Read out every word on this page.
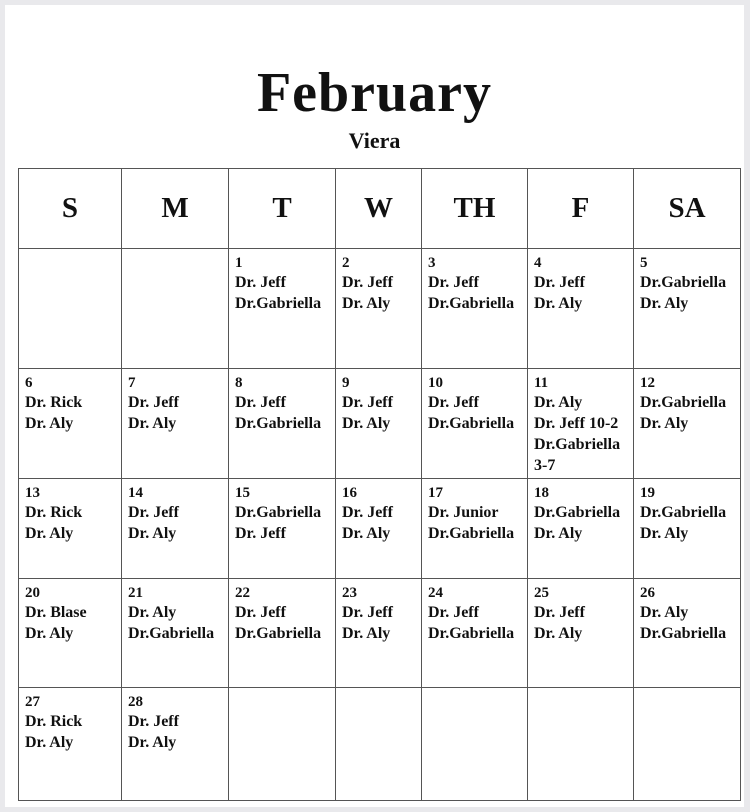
February
Viera
S	M	T	W	TH	F	SA

		1
Dr. Jeff
Dr.Gabriella	2
Dr. Jeff
Dr. Aly	3
Dr. Jeff
Dr.Gabriella	4
Dr. Jeff
Dr. Aly	5
Dr.Gabriella
Dr. Aly

6
Dr. Rick
Dr. Aly	7
Dr. Jeff
Dr. Aly	8
Dr. Jeff
Dr.Gabriella	9
Dr. Jeff
Dr. Aly	10
Dr. Jeff
Dr.Gabriella	11
Dr. Aly
Dr. Jeff 10-2
Dr.Gabriella
3-7	12
Dr.Gabriella
Dr. Aly

13
Dr. Rick
Dr. Aly	14
Dr. Jeff
Dr. Aly	15
Dr.Gabriella
Dr. Jeff	16
Dr. Jeff
Dr. Aly	17
Dr. Junior
Dr.Gabriella	18
Dr.Gabriella
Dr. Aly	19
Dr.Gabriella
Dr. Aly

20
Dr. Blase
Dr. Aly	21
Dr. Aly
Dr.Gabriella	22
Dr. Jeff
Dr.Gabriella	23
Dr. Jeff
Dr. Aly	24
Dr. Jeff
Dr.Gabriella	25
Dr. Jeff
Dr. Aly	26
Dr. Aly
Dr.Gabriella

27
Dr. Rick
Dr. Aly	28
Dr. Jeff
Dr. Aly					
